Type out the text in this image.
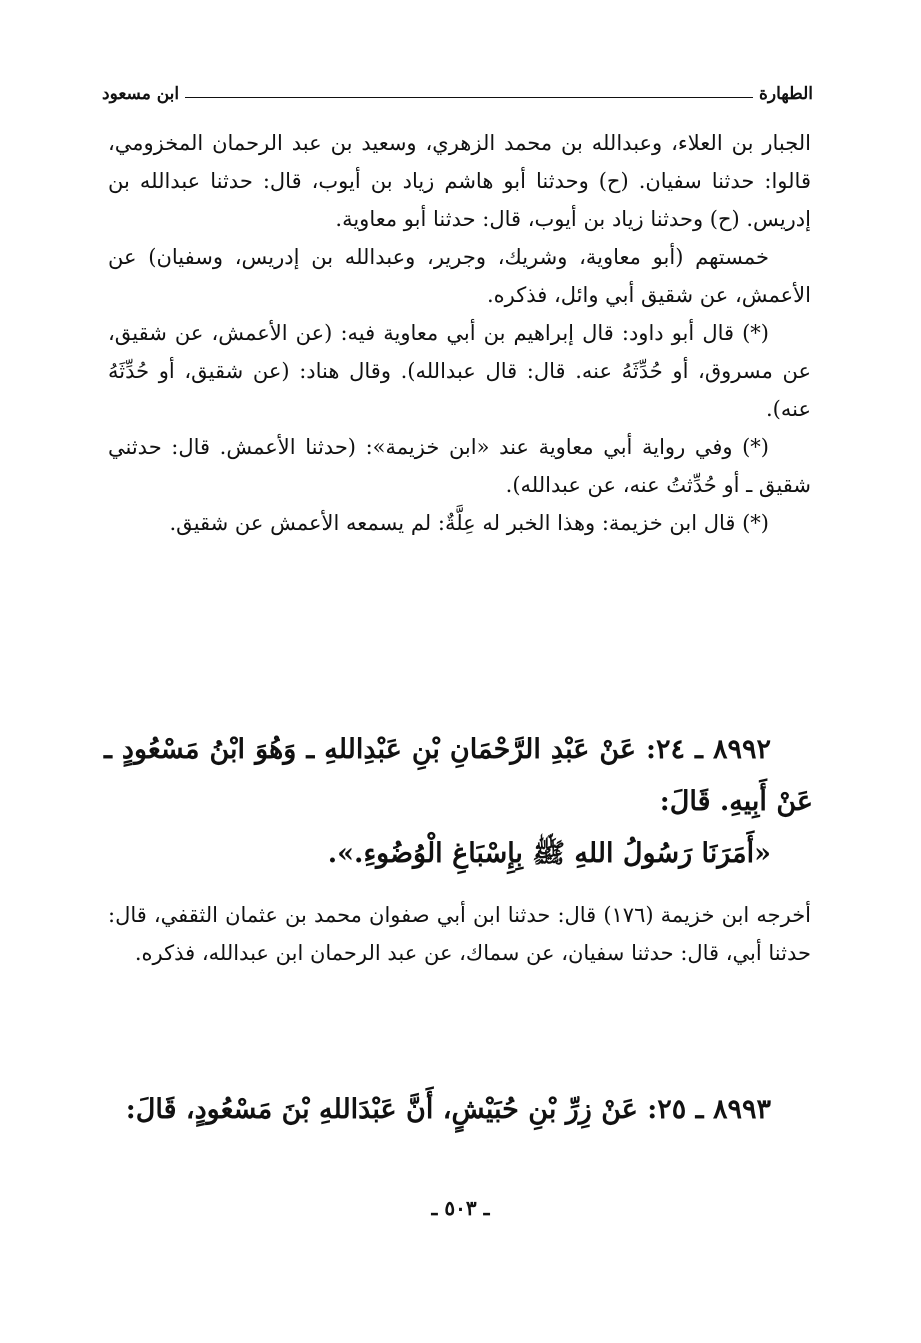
الطهارة
ابن مسعود

الجبار بن العلاء، وعبدالله بن محمد الزهري، وسعيد بن عبد الرحمان المخزومي، قالوا: حدثنا سفيان. (ح) وحدثنا أبو هاشم زياد بن أيوب، قال: حدثنا عبدالله بن إدريس. (ح) وحدثنا زياد بن أيوب، قال: حدثنا أبو معاوية.

خمستهم (أبو معاوية، وشريك، وجرير، وعبدالله بن إدريس، وسفيان) عن الأعمش، عن شقيق أبي وائل، فذكره.

(*) قال أبو داود: قال إبراهيم بن أبي معاوية فيه: (عن الأعمش، عن شقيق، عن مسروق، أو حُدِّثَهُ عنه. قال: قال عبدالله). وقال هناد: (عن شقيق، أو حُدِّثَهُ عنه).

(*) وفي رواية أبي معاوية عند «ابن خزيمة»: (حدثنا الأعمش. قال: حدثني شقيق ـ أو حُدِّثتُ عنه، عن عبدالله).

(*) قال ابن خزيمة: وهذا الخبر له عِلَّةٌ: لم يسمعه الأعمش عن شقيق.

٨٩٩٢ ـ ٢٤: عَنْ عَبْدِ الرَّحْمَانِ بْنِ عَبْدِاللهِ ـ وَهُوَ ابْنُ مَسْعُودٍ ـ عَنْ أَبِيهِ. قَالَ:

«أَمَرَنَا رَسُولُ اللهِ ﷺ بِإِسْبَاغِ الْوُضُوءِ.».

أخرجه ابن خزيمة (١٧٦) قال: حدثنا ابن أبي صفوان محمد بن عثمان الثقفي، قال: حدثنا أبي، قال: حدثنا سفيان، عن سماك، عن عبد الرحمان ابن عبدالله، فذكره.

٨٩٩٣ ـ ٢٥: عَنْ زِرِّ بْنِ حُبَيْشٍ، أَنَّ عَبْدَاللهِ بْنَ مَسْعُودٍ، قَالَ:

ـ ٥٠٣ ـ
